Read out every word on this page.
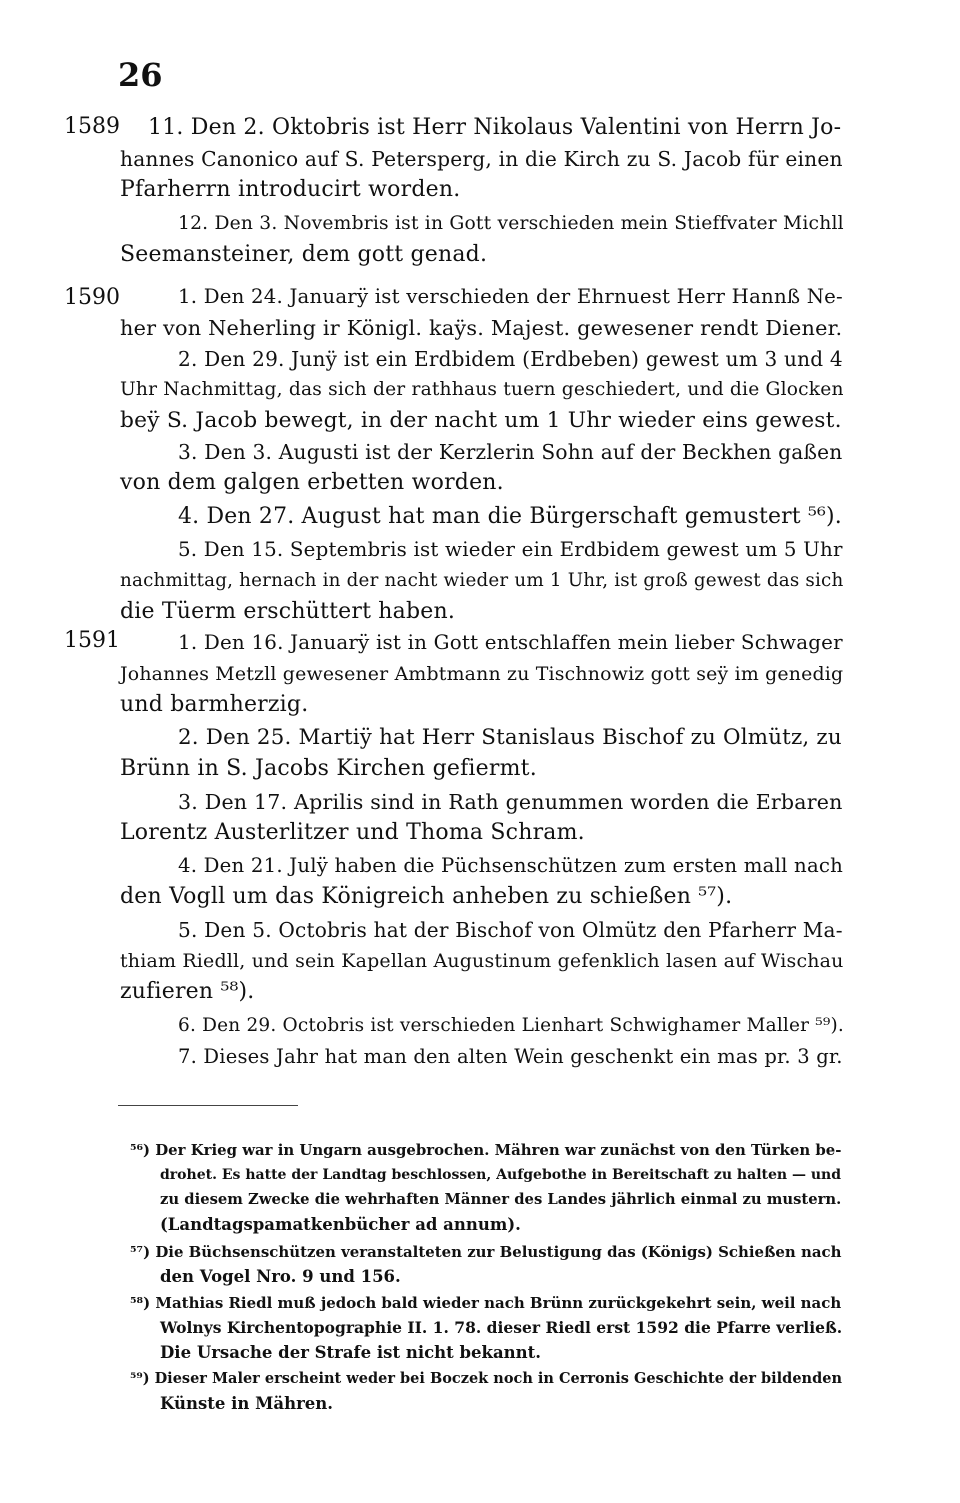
26
1589
1590
1591
11. Den 2. Oktobris ist Herr Nikolaus Valentini von Herrn Jo-
hannes Canonico auf S. Petersperg, in die Kirch zu S. Jacob für einen
Pfarherrn introducirt worden.
12. Den 3. Novembris ist in Gott verschieden mein Stieffvater Michll
Seemansteiner, dem gott genad.
1. Den 24. Januarÿ ist verschieden der Ehrnuest Herr Hannß Ne-
her von Neherling ir Königl. kaÿs. Majest. gewesener rendt Diener.
2. Den 29. Junÿ ist ein Erdbidem (Erdbeben) gewest um 3 und 4
Uhr Nachmittag, das sich der rathhaus tuern geschiedert, und die Glocken
beÿ S. Jacob bewegt, in der nacht um 1 Uhr wieder eins gewest.
3. Den 3. Augusti ist der Kerzlerin Sohn auf der Beckhen gaßen
von dem galgen erbetten worden.
4. Den 27. August hat man die Bürgerschaft gemustert ⁵⁶).
5. Den 15. Septembris ist wieder ein Erdbidem gewest um 5 Uhr
nachmittag, hernach in der nacht wieder um 1 Uhr, ist groß gewest das sich
die Tüerm erschüttert haben.
1. Den 16. Januarÿ ist in Gott entschlaffen mein lieber Schwager
Johannes Metzll gewesener Ambtmann zu Tischnowiz gott seÿ im genedig
und barmherzig.
2. Den 25. Martiÿ hat Herr Stanislaus Bischof zu Olmütz, zu
Brünn in S. Jacobs Kirchen gefiermt.
3. Den 17. Aprilis sind in Rath genummen worden die Erbaren
Lorentz Austerlitzer und Thoma Schram.
4. Den 21. Julÿ haben die Püchsenschützen zum ersten mall nach
den Vogll um das Königreich anheben zu schießen ⁵⁷).
5. Den 5. Octobris hat der Bischof von Olmütz den Pfarherr Ma-
thiam Riedll, und sein Kapellan Augustinum gefenklich lasen auf Wischau
zufieren ⁵⁸).
6. Den 29. Octobris ist verschieden Lienhart Schwighamer Maller ⁵⁹).
7. Dieses Jahr hat man den alten Wein geschenkt ein mas pr. 3 gr.
⁵⁶) Der Krieg war in Ungarn ausgebrochen. Mähren war zunächst von den Türken be-
drohet. Es hatte der Landtag beschlossen, Aufgebothe in Bereitschaft zu halten — und
zu diesem Zwecke die wehrhaften Männer des Landes jährlich einmal zu mustern.
(Landtagspamatkenbücher ad annum).
⁵⁷) Die Büchsenschützen veranstalteten zur Belustigung das (Königs) Schießen nach
den Vogel Nro. 9 und 156.
⁵⁸) Mathias Riedl muß jedoch bald wieder nach Brünn zurückgekehrt sein, weil nach
Wolnys Kirchentopographie II. 1. 78. dieser Riedl erst 1592 die Pfarre verließ.
Die Ursache der Strafe ist nicht bekannt.
⁵⁹) Dieser Maler erscheint weder bei Boczek noch in Cerronis Geschichte der bildenden
Künste in Mähren.
